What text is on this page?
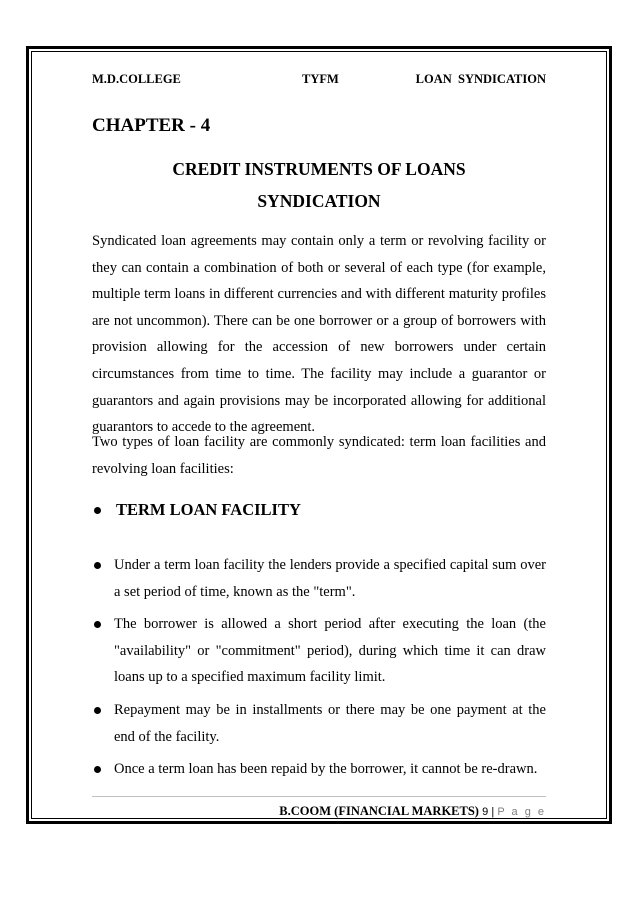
M.D.COLLEGE	TYFM	LOAN  SYNDICATION
CHAPTER - 4
CREDIT INSTRUMENTS OF LOANS
SYNDICATION

Syndicated loan agreements may contain only a term or revolving facility or they can contain a combination of both or several of each type (for example, multiple term loans in different currencies and with different maturity profiles are not uncommon). There can be one borrower or a group of borrowers with provision allowing for the accession of new borrowers under certain circumstances from time to time. The facility may include a guarantor or guarantors and again provisions may be incorporated allowing for additional guarantors to accede to the agreement.

Two types of loan facility are commonly syndicated: term loan facilities and revolving loan facilities:

TERM LOAN FACILITY
Under a term loan facility the lenders provide a specified capital sum over a set period of time, known as the "term".
The borrower is allowed a short period after executing the loan (the "availability" or "commitment" period), during which time it can draw loans up to a specified maximum facility limit.
Repayment may be in installments or there may be one payment at the end of the facility.
Once a term loan has been repaid by the borrower, it cannot be re-drawn.
B.COOM (FINANCIAL MARKETS) 9 | P a g e
